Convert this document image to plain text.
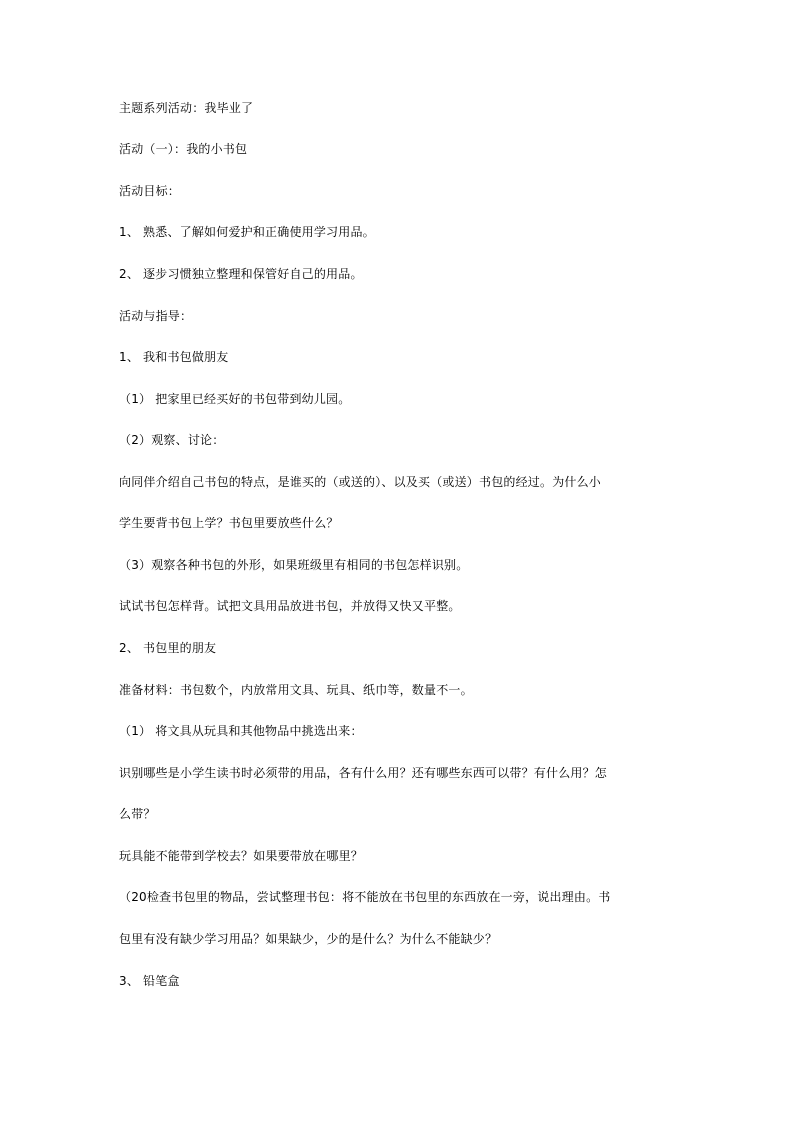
主题系列活动：我毕业了

活动（一）：我的小书包

活动目标：

1、 熟悉、了解如何爱护和正确使用学习用品。

2、 逐步习惯独立整理和保管好自己的用品。

活动与指导：

1、 我和书包做朋友

（1） 把家里已经买好的书包带到幼儿园。

（2）观察、讨论：

向同伴介绍自己书包的特点，是谁买的（或送的）、以及买（或送）书包的经过。为什么小

学生要背书包上学？书包里要放些什么？

（3）观察各种书包的外形，如果班级里有相同的书包怎样识别。

试试书包怎样背。试把文具用品放进书包，并放得又快又平整。

2、 书包里的朋友

准备材料：书包数个，内放常用文具、玩具、纸巾等，数量不一。

（1） 将文具从玩具和其他物品中挑选出来：

识别哪些是小学生读书时必须带的用品，各有什么用？还有哪些东西可以带？有什么用？怎

么带？

玩具能不能带到学校去？如果要带放在哪里？

（20检查书包里的物品，尝试整理书包：将不能放在书包里的东西放在一旁，说出理由。书

包里有没有缺少学习用品？如果缺少，少的是什么？为什么不能缺少？

3、 铅笔盒
